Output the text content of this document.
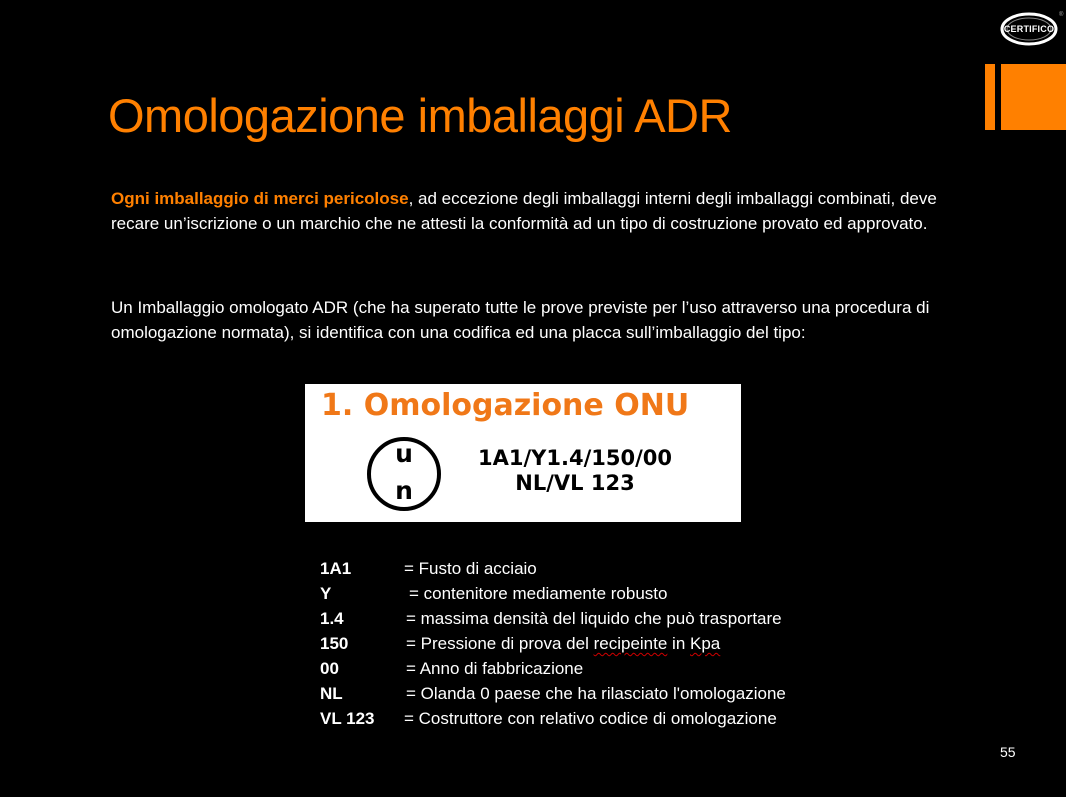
CERTIFICO
®
Omologazione imballaggi ADR

Ogni imballaggio di merci pericolose, ad eccezione degli imballaggi interni degli imballaggi combinati, deve recare un’iscrizione o un marchio che ne attesti la conformità ad un tipo di costruzione provato ed approvato.

Un Imballaggio omologato ADR (che ha superato tutte le prove previste per l’uso attraverso una procedura di omologazione normata), si identifica con una codifica ed una placca sull’imballaggio del tipo:

1. Omologazione ONU
u
n
1A1/Y1.4/150/00
NL/VL 123
1A1	= Fusto di acciaio
Y	= contenitore mediamente robusto
1.4	= massima densità del liquido che può trasportare
150	= Pressione di prova del recipeinte in Kpa
00	= Anno di fabbricazione
NL	= Olanda 0 paese che ha rilasciato l'omologazione
VL 123 = Costruttore con relativo codice di omologazione
55
